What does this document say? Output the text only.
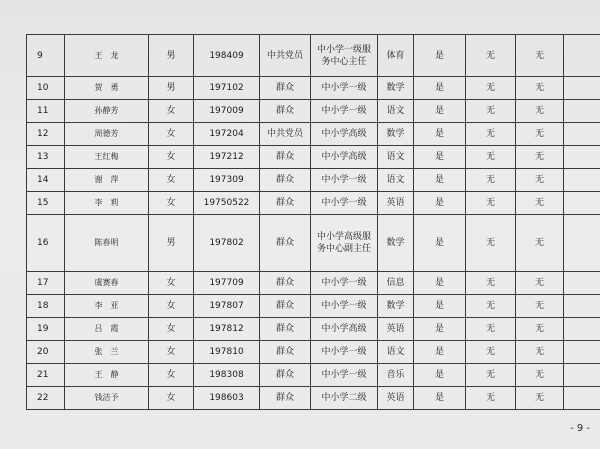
9	王　龙	男	198409	中共党员	中小学一级服务中心主任	体育	是	无	无	
10	贺　勇	男	197102	群众	中小学一级	数学	是	无	无	
11	孙静芳	女	197009	群众	中小学一级	语文	是	无	无	
12	周德芳	女	197204	中共党员	中小学高级	数学	是	无	无	
13	王红梅	女	197212	群众	中小学高级	语文	是	无	无	
14	谢　萍	女	197309	群众	中小学一级	语文	是	无	无	
15	李　莉	女	19750522	群众	中小学一级	英语	是	无	无	
16	陈春明	男	197802	群众	中小学高级服务中心副主任	数学	是	无	无	
17	虞赛春	女	197709	群众	中小学一级	信息	是	无	无	
18	李　亚	女	197807	群众	中小学一级	数学	是	无	无	
19	吕　霞	女	197812	群众	中小学高级	英语	是	无	无	
20	张　兰	女	197810	群众	中小学一级	语文	是	无	无	
21	王　静	女	198308	群众	中小学一级	音乐	是	无	无	
22	钱洁予	女	198603	群众	中小学二级	英语	是	无	无	
- 9 -
